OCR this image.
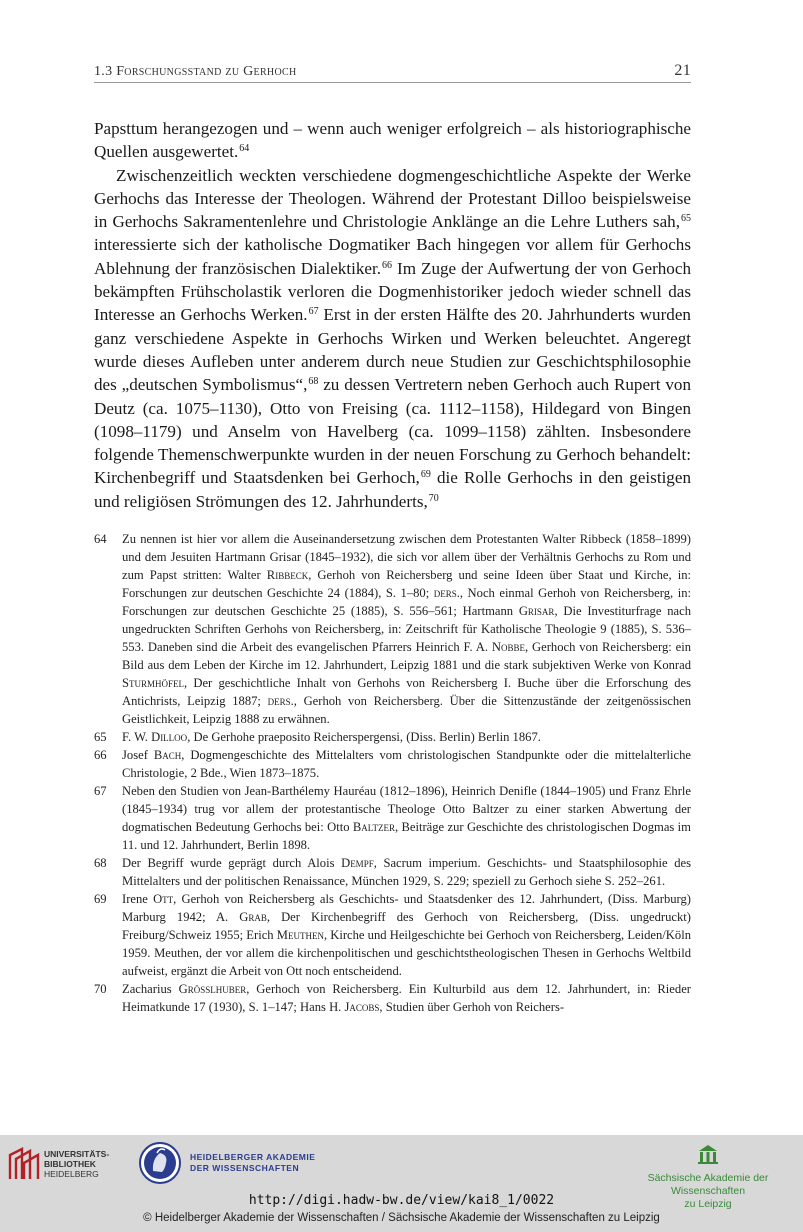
1.3 Forschungsstand zu Gerhoch	21

Papsttum herangezogen und – wenn auch weniger erfolgreich – als historiographische Quellen ausgewertet.$^{64}$

Zwischenzeitlich weckten verschiedene dogmengeschichtliche Aspekte der Werke Gerhochs das Interesse der Theologen. Während der Protestant Dilloo beispielsweise in Gerhochs Sakramentenlehre und Christologie Anklänge an die Lehre Luthers sah,$^{65}$ interessierte sich der katholische Dogmatiker Bach hingegen vor allem für Gerhochs Ablehnung der französischen Dialektiker.$^{66}$ Im Zuge der Aufwertung der von Gerhoch bekämpften Frühscholastik verloren die Dogmenhistoriker jedoch wieder schnell das Interesse an Gerhochs Werken.$^{67}$ Erst in der ersten Hälfte des 20. Jahrhunderts wurden ganz verschiedene Aspekte in Gerhochs Wirken und Werken beleuchtet. Angeregt wurde dieses Aufleben unter anderem durch neue Studien zur Geschichtsphilosophie des „deutschen Symbolismus“,$^{68}$ zu dessen Vertretern neben Gerhoch auch Rupert von Deutz (ca. 1075–1130), Otto von Freising (ca. 1112–1158), Hildegard von Bingen (1098–1179) und Anselm von Havelberg (ca. 1099–1158) zählten. Insbesondere folgende Themenschwerpunkte wurden in der neuen Forschung zu Gerhoch behandelt: Kirchenbegriff und Staatsdenken bei Gerhoch,$^{69}$ die Rolle Gerhochs in den geistigen und religiösen Strömungen des 12. Jahrhunderts,$^{70}$

64	Zu nennen ist hier vor allem die Auseinandersetzung zwischen dem Protestanten Walter Ribbeck (1858–1899) und dem Jesuiten Hartmann Grisar (1845–1932), die sich vor allem über der Verhältnis Gerhochs zu Rom und zum Papst stritten: Walter Ribbeck, Gerhoh von Reichersberg und seine Ideen über Staat und Kirche, in: Forschungen zur deutschen Geschichte 24 (1884), S. 1–80; ders., Noch einmal Gerhoh von Reichersberg, in: Forschungen zur deutschen Geschichte 25 (1885), S. 556–561; Hartmann Grisar, Die Investiturfrage nach ungedruckten Schriften Gerhohs von Reichersberg, in: Zeitschrift für Katholische Theologie 9 (1885), S. 536–553. Daneben sind die Arbeit des evangelischen Pfarrers Heinrich F. A. Nobbe, Gerhoch von Reichersberg: ein Bild aus dem Leben der Kirche im 12. Jahrhundert, Leipzig 1881 und die stark subjektiven Werke von Konrad Sturmhöfel, Der geschichtliche Inhalt von Gerhohs von Reichersberg I. Buche über die Erforschung des Antichrists, Leipzig 1887; ders., Gerhoh von Reichersberg. Über die Sittenzustände der zeitgenössischen Geistlichkeit, Leipzig 1888 zu erwähnen.
65	F. W. Dilloo, De Gerhohe praeposito Reicherspergensi, (Diss. Berlin) Berlin 1867.
66	Josef Bach, Dogmengeschichte des Mittelalters vom christologischen Standpunkte oder die mittelalterliche Christologie, 2 Bde., Wien 1873–1875.
67	Neben den Studien von Jean-Barthélemy Hauréau (1812–1896), Heinrich Denifle (1844–1905) und Franz Ehrle (1845–1934) trug vor allem der protestantische Theologe Otto Baltzer zu einer starken Abwertung der dogmatischen Bedeutung Gerhochs bei: Otto Baltzer, Beiträge zur Geschichte des christologischen Dogmas im 11. und 12. Jahrhundert, Berlin 1898.
68	Der Begriff wurde geprägt durch Alois Dempf, Sacrum imperium. Geschichts- und Staatsphilosophie des Mittelalters und der politischen Renaissance, München 1929, S. 229; speziell zu Gerhoch siehe S. 252–261.
69	Irene Ott, Gerhoh von Reichersberg als Geschichts- und Staatsdenker des 12. Jahrhundert, (Diss. Marburg) Marburg 1942; A. Grab, Der Kirchenbegriff des Gerhoch von Reichersberg, (Diss. ungedruckt) Freiburg/Schweiz 1955; Erich Meuthen, Kirche und Heilgeschichte bei Gerhoch von Reichersberg, Leiden/Köln 1959. Meuthen, der vor allem die kirchenpolitischen und geschichtstheologischen Thesen in Gerhochs Weltbild aufweist, ergänzt die Arbeit von Ott noch entscheidend.
70	Zacharius Grösslhuber, Gerhoch von Reichersberg. Ein Kulturbild aus dem 12. Jahrhundert, in: Rieder Heimatkunde 17 (1930), S. 1–147; Hans H. Jacobs, Studien über Gerhoh von Reichers-
UNIVERSITÄTS-
BIBLIOTHEK
HEIDELBERG
HEIDELBERGER AKADEMIE
DER WISSENSCHAFTEN
Sächsische Akademie der Wissenschaften
zu Leipzig
http://digi.hadw-bw.de/view/kai8_1/0022
© Heidelberger Akademie der Wissenschaften / Sächsische Akademie der Wissenschaften zu Leipzig
